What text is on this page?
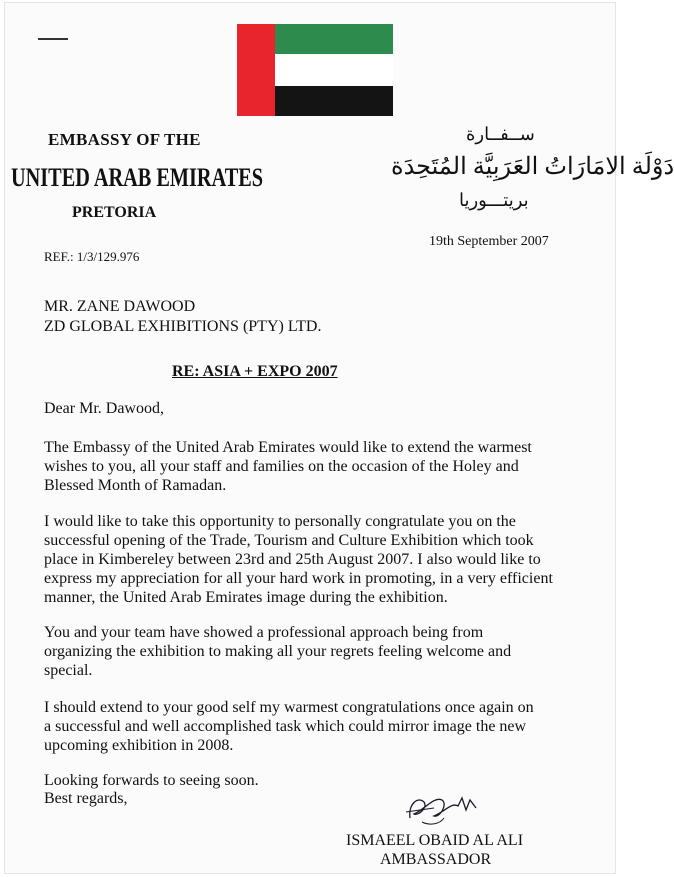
EMBASSY OF THE
UNITED ARAB EMIRATES
PRETORIA
ســفــارة
دَوْلَة الامَارَاتُ العَرَبِيَّة المُتَحِدَة
بريتـــوريا
19th September 2007
REF.: 1/3/129.976
MR. ZANE DAWOOD
ZD GLOBAL EXHIBITIONS (PTY) LTD.
RE: ASIA + EXPO 2007
Dear Mr. Dawood,
The Embassy of the United Arab Emirates would like to extend the warmest
wishes to you, all your staff and families on the occasion of the Holey and
Blessed Month of Ramadan.
I would like to take this opportunity to personally congratulate you on the
successful opening of the Trade, Tourism and Culture Exhibition which took
place in Kimbereley between 23rd and 25th August 2007. I also would like to
express my appreciation for all your hard work in promoting, in a very efficient
manner, the United Arab Emirates image during the exhibition.
You and your team have showed a professional approach being from
organizing the exhibition to making all your regrets feeling welcome and
special.
I should extend to your good self my warmest congratulations once again on
a successful and well accomplished task which could mirror image the new
upcoming exhibition in 2008.
Looking forwards to seeing soon.
Best regards,
ISMAEEL OBAID AL ALI
AMBASSADOR
